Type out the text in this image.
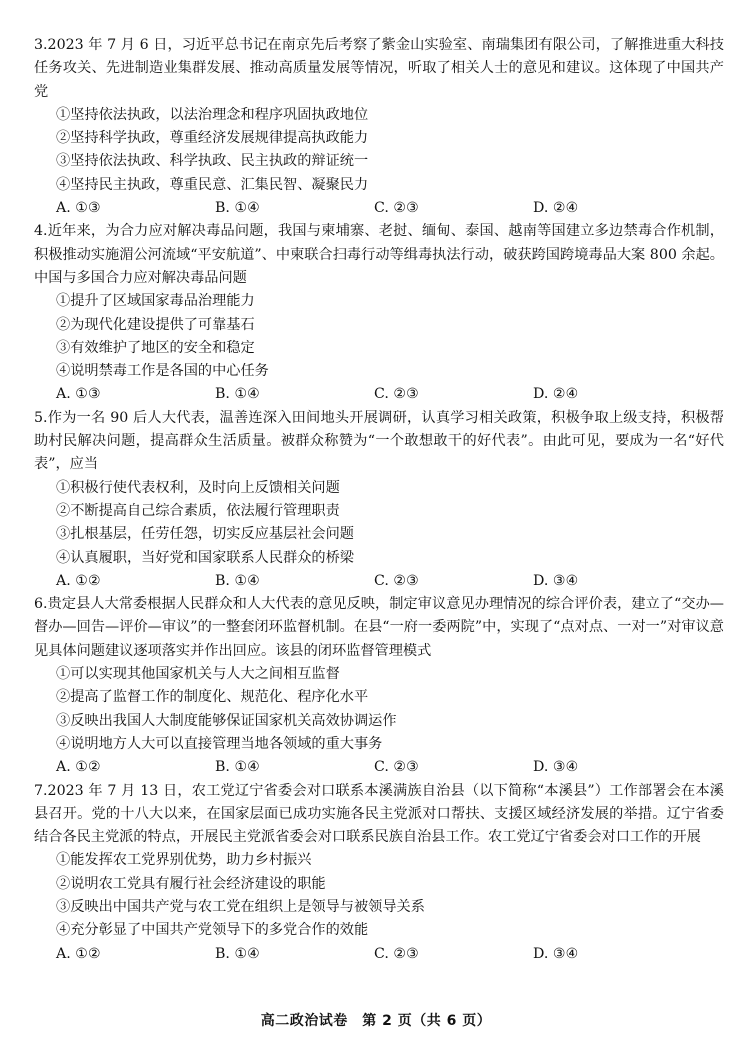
3.2023 年 7 月 6 日，习近平总书记在南京先后考察了紫金山实验室、南瑞集团有限公司，了解推进重大科技任务攻关、先进制造业集群发展、推动高质量发展等情况，听取了相关人士的意见和建议。这体现了中国共产党

①坚持依法执政，以法治理念和程序巩固执政地位

②坚持科学执政，尊重经济发展规律提高执政能力

③坚持依法执政、科学执政、民主执政的辩证统一

④坚持民主执政，尊重民意、汇集民智、凝聚民力

A. ①③	B. ①④	C. ②③	D. ②④

4.近年来，为合力应对解决毒品问题，我国与柬埔寨、老挝、缅甸、泰国、越南等国建立多边禁毒合作机制，积极推动实施湄公河流域“平安航道”、中柬联合扫毒行动等缉毒执法行动，破获跨国跨境毒品大案 800 余起。中国与多国合力应对解决毒品问题

①提升了区域国家毒品治理能力

②为现代化建设提供了可靠基石

③有效维护了地区的安全和稳定

④说明禁毒工作是各国的中心任务

A. ①③	B. ①④	C. ②③	D. ②④

5.作为一名 90 后人大代表，温善连深入田间地头开展调研，认真学习相关政策，积极争取上级支持，积极帮助村民解决问题，提高群众生活质量。被群众称赞为“一个敢想敢干的好代表”。由此可见，要成为一名“好代表”，应当

①积极行使代表权利，及时向上反馈相关问题

②不断提高自己综合素质，依法履行管理职责

③扎根基层，任劳任怨，切实反应基层社会问题

④认真履职，当好党和国家联系人民群众的桥梁

A. ①②	B. ①④	C. ②③	D. ③④

6.贵定县人大常委根据人民群众和人大代表的意见反映，制定审议意见办理情况的综合评价表，建立了“交办—督办—回告—评价—审议”的一整套闭环监督机制。在县“一府一委两院”中，实现了“点对点、一对一”对审议意见具体问题建议逐项落实并作出回应。该县的闭环监督管理模式

①可以实现其他国家机关与人大之间相互监督

②提高了监督工作的制度化、规范化、程序化水平

③反映出我国人大制度能够保证国家机关高效协调运作

④说明地方人大可以直接管理当地各领域的重大事务

A. ①②	B. ①④	C. ②③	D. ③④

7.2023 年 7 月 13 日，农工党辽宁省委会对口联系本溪满族自治县（以下简称“本溪县”）工作部署会在本溪县召开。党的十八大以来，在国家层面已成功实施各民主党派对口帮扶、支援区域经济发展的举措。辽宁省委结合各民主党派的特点，开展民主党派省委会对口联系民族自治县工作。农工党辽宁省委会对口工作的开展

①能发挥农工党界别优势，助力乡村振兴

②说明农工党具有履行社会经济建设的职能

③反映出中国共产党与农工党在组织上是领导与被领导关系

④充分彰显了中国共产党领导下的多党合作的效能

A. ①②	B. ①④	C. ②③	D. ③④
高二政治试卷　第 2 页（共 6 页）
